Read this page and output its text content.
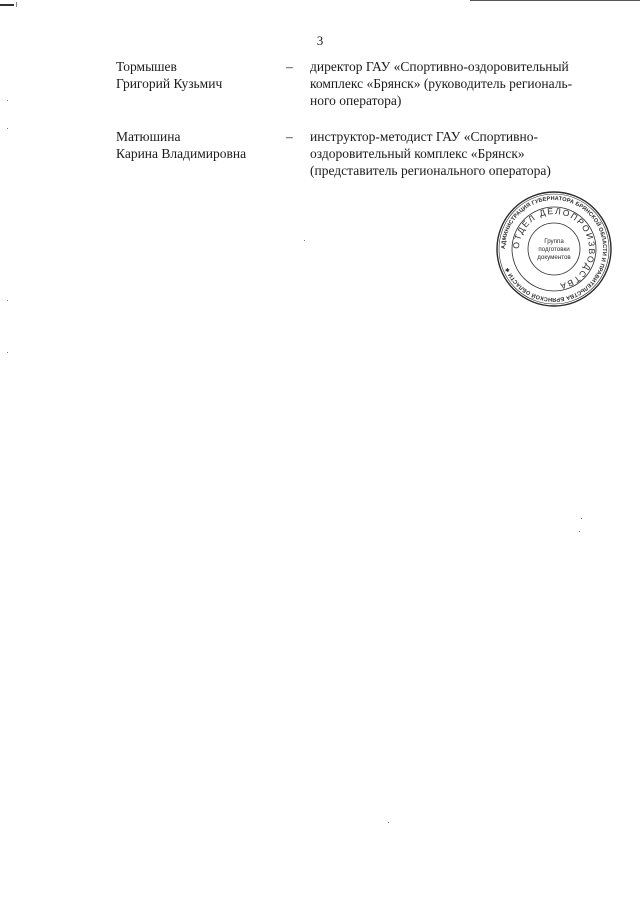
3
Тормышев
Григорий Кузьмич
– директор ГАУ «Спортивно-оздоровительный
комплекс «Брянск» (руководитель региональ-
ного оператора)
Матюшина
Карина Владимировна
– инструктор-методист ГАУ «Спортивно-
оздоровительный комплекс «Брянск»
(представитель регионального оператора)
АДМИНИСТРАЦИЯ ГУБЕРНАТОРА БРЯНСКОЙ ОБЛАСТИ И ПРАВИТЕЛЬСТВА БРЯНСКОЙ ОБЛАСТИ ✱
ОТДЕЛ ДЕЛОПРОИЗВОДСТВА
Группа
подготовки
документов
